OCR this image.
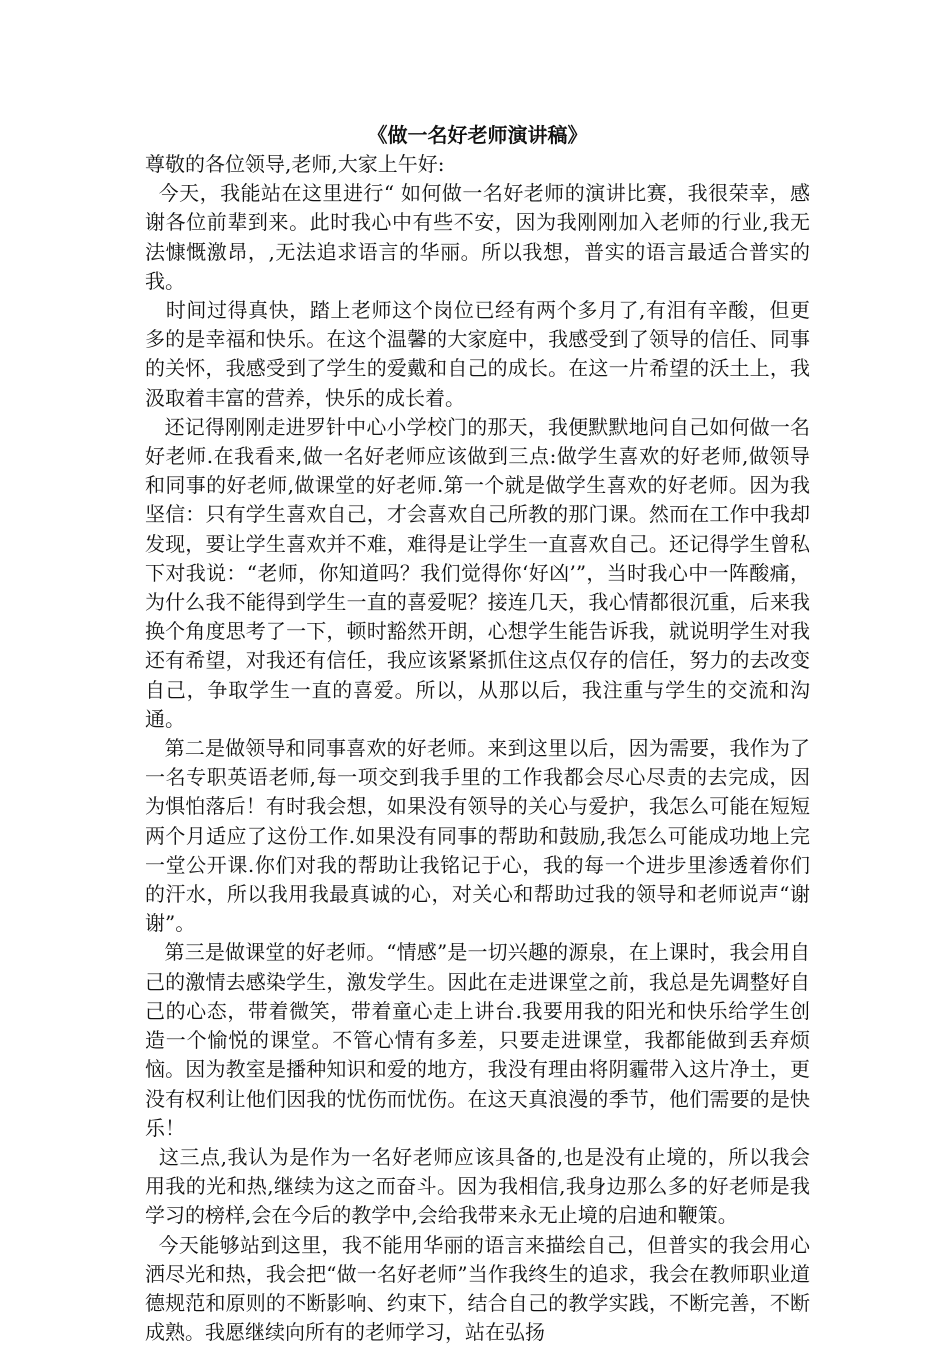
《做一名好老师演讲稿》

尊敬的各位领导,老师,大家上午好:

今天，我能站在这里进行“ 如何做一名好老师的演讲比赛，我很荣幸，感谢各位前辈到来。此时我心中有些不安，因为我刚刚加入老师的行业,我无法慷慨激昂，,无法追求语言的华丽。所以我想，普实的语言最适合普实的我。

时间过得真快，踏上老师这个岗位已经有两个多月了,有泪有辛酸，但更多的是幸福和快乐。在这个温馨的大家庭中，我感受到了领导的信任、同事的关怀，我感受到了学生的爱戴和自己的成长。在这一片希望的沃土上，我汲取着丰富的营养，快乐的成长着。

还记得刚刚走进罗针中心小学校门的那天，我便默默地问自己如何做一名好老师.在我看来,做一名好老师应该做到三点:做学生喜欢的好老师,做领导和同事的好老师,做课堂的好老师.第一个就是做学生喜欢的好老师。因为我坚信：只有学生喜欢自己，才会喜欢自己所教的那门课。然而在工作中我却发现，要让学生喜欢并不难，难得是让学生一直喜欢自己。还记得学生曾私下对我说：“老师，你知道吗？我们觉得你‘好凶’”，当时我心中一阵酸痛，为什么我不能得到学生一直的喜爱呢？接连几天，我心情都很沉重，后来我换个角度思考了一下，顿时豁然开朗，心想学生能告诉我，就说明学生对我还有希望，对我还有信任，我应该紧紧抓住这点仅存的信任，努力的去改变自己，争取学生一直的喜爱。所以，从那以后，我注重与学生的交流和沟通。

第二是做领导和同事喜欢的好老师。来到这里以后，因为需要，我作为了一名专职英语老师,每一项交到我手里的工作我都会尽心尽责的去完成，因为惧怕落后！有时我会想，如果没有领导的关心与爱护，我怎么可能在短短两个月适应了这份工作.如果没有同事的帮助和鼓励,我怎么可能成功地上完一堂公开课.你们对我的帮助让我铭记于心，我的每一个进步里渗透着你们的汗水，所以我用我最真诚的心，对关心和帮助过我的领导和老师说声“谢谢”。

第三是做课堂的好老师。“情感”是一切兴趣的源泉，在上课时，我会用自己的激情去感染学生，激发学生。因此在走进课堂之前，我总是先调整好自己的心态，带着微笑，带着童心走上讲台.我要用我的阳光和快乐给学生创造一个愉悦的课堂。不管心情有多差，只要走进课堂，我都能做到丢弃烦恼。因为教室是播种知识和爱的地方，我没有理由将阴霾带入这片净土，更没有权利让他们因我的忧伤而忧伤。在这天真浪漫的季节，他们需要的是快乐！

这三点,我认为是作为一名好老师应该具备的,也是没有止境的，所以我会用我的光和热,继续为这之而奋斗。因为我相信,我身边那么多的好老师是我学习的榜样,会在今后的教学中,会给我带来永无止境的启迪和鞭策。

今天能够站到这里，我不能用华丽的语言来描绘自己，但普实的我会用心洒尽光和热，我会把“做一名好老师”当作我终生的追求，我会在教师职业道德规范和原则的不断影响、约束下，结合自己的教学实践，不断完善，不断成熟。我愿继续向所有的老师学习，站在弘扬
